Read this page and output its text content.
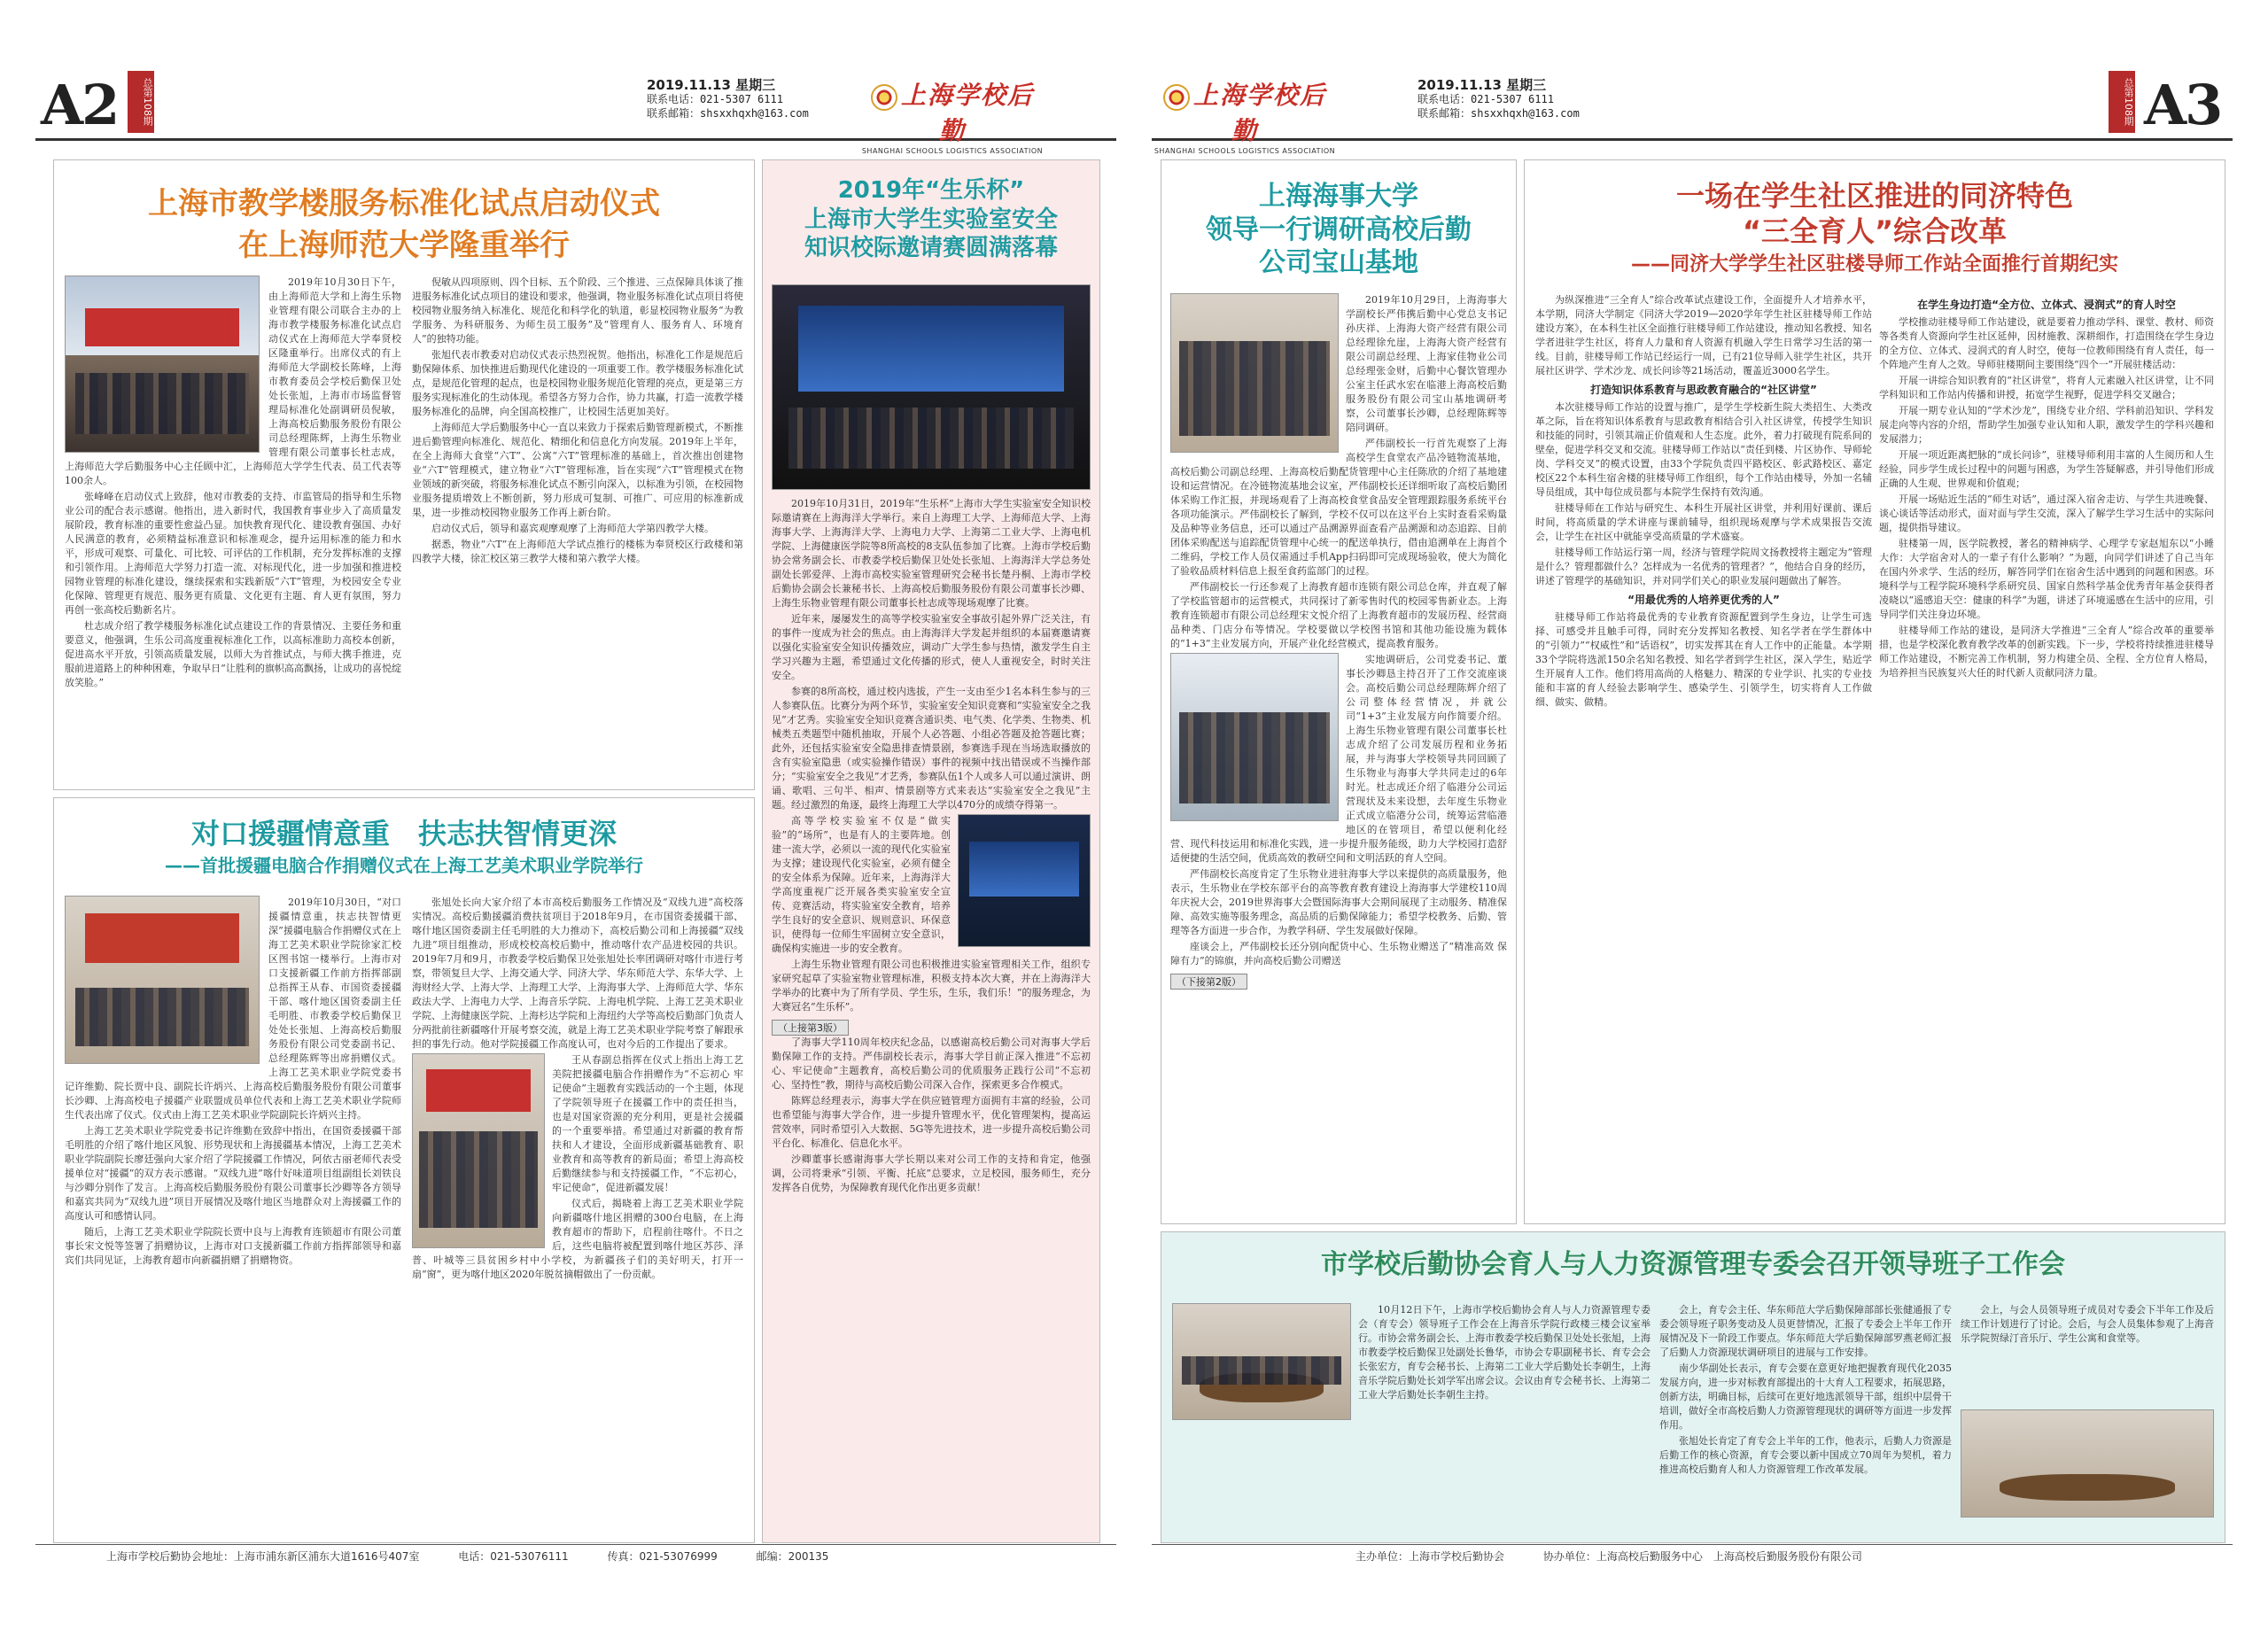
A2	总第108期	2019.11.13 星期三
联系电话：021-5307 6111
联系邮箱：shsxxhqxh@163.com
上海学校后勤
SHANGHAI SCHOOLS LOGISTICS ASSOCIATION
上海市教学楼服务标准化试点启动仪式
在上海师范大学隆重举行

2019年10月30日下午，由上海师范大学和上海生乐物业管理有限公司联合主办的上海市教学楼服务标准化试点启动仪式在上海师范大学奉贤校区隆重举行。出席仪式的有上海师范大学副校长陈峰，上海市教育委员会学校后勤保卫处处长张旭，上海市市场监督管理局标准化处副调研员倪敏，上海高校后勤服务股份有限公司总经理陈辉，上海生乐物业管理有限公司董事长杜志成，上海师范大学后勤服务中心主任顾中汇，上海师范大学学生代表、员工代表等100余人。

张峰峰在启动仪式上致辞，他对市教委的支持、市监管局的指导和生乐物业公司的配合表示感谢。他指出，进入新时代，我国教育事业步入了高质量发展阶段，教育标准的重要性愈益凸显。加快教育现代化、建设教育强国、办好人民满意的教育，必须精益标准意识和标准观念，提升运用标准的能力和水平，形成可观察、可量化、可比较、可评估的工作机制，充分发挥标准的支撑和引领作用。上海师范大学努力打造一流、对标现代化，进一步加强和推进校园物业管理的标准化建设，继续探索和实践新版“六T”管理，为校园安全专业化保障、管理更有规范、服务更有质量、文化更有主题、育人更有氛围，努力再创一张高校后勤新名片。

杜志成介绍了教学楼服务标准化试点建设工作的背景情况、主要任务和重要意义，他强调，生乐公司高度重视标准化工作，以高标准助力高校本创新，促进高水平开放，引领高质量发展，以师大为首推试点，与师大携手推进，克服前进道路上的种种困难，争取早日“让胜利的旗帜高高飘扬，让成功的喜悦绽放笑脸。”

倪敏从四项原则、四个目标、五个阶段、三个推进、三点保障具体谈了推进服务标准化试点项目的建设和要求，他强调，物业服务标准化试点项目将使校园物业服务纳入标准化、规范化和科学化的轨道，彰显校园物业服务“为教学服务、为科研服务、为师生员工服务”及“管理育人、服务育人、环境育人”的独特功能。

张旭代表市教委对启动仪式表示热烈祝贺。他指出，标准化工作是规范后勤保障体系、加快推进后勤现代化建设的一项重要工作。教学楼服务标准化试点，是规范化管理的起点，也是校园物业服务规范化管理的亮点，更是第三方服务实现标准化的生动体现。希望各方努力合作，协力共赢，打造一流教学楼服务标准化的品牌，向全国高校推广，让校园生活更加美好。

上海师范大学后勤服务中心一直以来致力于探索后勤管理新模式，不断推进后勤管理向标准化、规范化、精细化和信息化方向发展。2019年上半年，在全上海师大食堂“六T”、公寓“六T”管理标准的基础上，首次推出创建物业“六T”管理模式，建立物业“六T”管理标准，旨在实现“六T”管理模式在物业领域的新突破，将服务标准化试点不断引向深入，以标准为引领，在校园物业服务提质增效上不断创新，努力形成可复制、可推广、可应用的标准新成果，进一步推动校园物业服务工作再上新台阶。

启动仪式后，领导和嘉宾观摩观摩了上海师范大学第四教学大楼。

据悉，物业“六T”在上海师范大学试点推行的楼栋为奉贤校区行政楼和第四教学大楼，徐汇校区第三教学大楼和第六教学大楼。

2019年“生乐杯”
上海市大学生实验室安全
知识校际邀请赛圆满落幕

2019年10月31日，2019年“生乐杯”上海市大学生实验室安全知识校际邀请赛在上海海洋大学举行。来自上海理工大学、上海师范大学、上海海事大学、上海海洋大学、上海电力大学、上海第二工业大学、上海电机学院、上海健康医学院等8所高校的8支队伍参加了比赛。上海市学校后勤协会常务副会长、市教委学校后勤保卫处处长张旭、上海海洋大学总务处副处长郭爱萍、上海市高校实验室管理研究会秘书长楚丹桐、上海市学校后勤协会副会长兼秘书长、上海高校后勤服务股份有限公司董事长沙卿、上海生乐物业管理有限公司董事长杜志成等现场观摩了比赛。

近年来，屡屡发生的高等学校实验室安全事故引起外界广泛关注，有的事件一度成为社会的焦点。由上海海洋大学发起并组织的本届赛邀请赛以强化实验室安全知识传播效应，调动广大学生参与热情，激发学生自主学习兴趣为主题，希望通过文化传播的形式，使人人重视安全，时时关注安全。

参赛的8所高校，通过校内选拔，产生一支由至少1名本科生参与的三人参赛队伍。比赛分为两个环节，实验室安全知识竞赛和“实验室安全之我见”才艺秀。实验室安全知识竞赛含通识类、电气类、化学类、生物类、机械类五类题型中随机抽取，开展个人必答题、小组必答题及抢答题比赛；此外，还包括实验室安全隐患排查情景剧，参赛选手现在当场选取播放的含有实验室隐患（或实验操作错误）事件的视频中找出错误或不当操作部分；“实验室安全之我见”才艺秀，参赛队伍1个人或多人可以通过演讲、朗诵、歌唱、三句半、相声、情景剧等方式来表达“实验室安全之我见”主题。经过激烈的角逐，最终上海理工大学以470分的成绩夺得第一。

高等学校实验室不仅是“做实验”的“场所”，也是有人的主要阵地。创建一流大学，必须以一流的现代化实验室为支撑；建设现代化实验室，必须有健全的安全体系为保障。近年来，上海海洋大学高度重视广泛开展各类实验室安全宣传、竞赛活动，将实验室安全教育，培养学生良好的安全意识、规则意识、环保意识，使得每一位师生牢固树立安全意识，确保构实施进一步的安全教育。

上海生乐物业管理有限公司也积极推进实验室管理相关工作，组织专家研究起草了实验室物业管理标准，积极支持本次大赛，并在上海海洋大学举办的比赛中为了所有学员、学生乐，生乐，我们乐！”的服务理念，为大赛冠名“生乐杯”。

（上接第3版）

了海事大学110周年校庆纪念品，以感谢高校后勤公司对海事大学后勤保障工作的支持。严伟副校长表示，海事大学目前正深入推进“不忘初心、牢记使命”主题教育，高校后勤公司的优质服务正践行公司“不忘初心、坚持性”教，期待与高校后勤公司深入合作，探索更多合作模式。

陈辉总经理表示，海事大学在供应链管理方面拥有丰富的经验，公司也希望能与海事大学合作，进一步提升管理水平，优化管理架构，提高运营效率，同时希望引入大数据、5G等先进技术，进一步提升高校后勤公司平台化、标准化、信息化水平。

沙卿董事长感谢海事大学长期以来对公司工作的支持和肯定，他强调，公司将秉承“引领、平衡、托底”总要求，立足校园，服务师生，充分发挥各自优势，为保障教育现代化作出更多贡献！

对口援疆情意重　扶志扶智情更深
——首批援疆电脑合作捐赠仪式在上海工艺美术职业学院举行

2019年10月30日，“对口援疆情意重，扶志扶智情更深”援疆电脑合作捐赠仪式在上海工艺美术职业学院徐家汇校区图书馆一楼举行。上海市对口支援新疆工作前方指挥部副总指挥王从春、市国资委援疆干部、喀什地区国资委副主任毛明胜、市教委学校后勤保卫处处长张旭、上海高校后勤服务股份有限公司党委副书记、总经理陈辉等出席捐赠仪式。上海工艺美术职业学院党委书记许维勤、院长贾中良、副院长许炳兴、上海高校后勤服务股份有限公司董事长沙卿、上海高校电子援疆产业联盟成员单位代表和上海工艺美术职业学院师生代表出席了仪式。仪式由上海工艺美术职业学院副院长许炳兴主持。

上海工艺美术职业学院党委书记许维勤在致辞中指出，在国资委援疆干部毛明胜的介绍了喀什地区风貌、形势现状和上海援疆基本情况，上海工艺美术职业学院副院长廖廷强向大家介绍了学院援疆工作情况，阿依古丽老师代表受援单位对“援疆”的双方表示感谢。“双线九进”喀什好味道项目组副组长刘铁良与沙卿分别作了发言。上海高校后勤服务股份有限公司董事长沙卿等各方领导和嘉宾共同为“双线九进”项目开展情况及喀什地区当地群众对上海援疆工作的高度认可和感情认同。

随后，上海工艺美术职业学院院长贾中良与上海教育连锁超市有限公司董事长宋文悦等签署了捐赠协议，上海市对口支援新疆工作前方指挥部领导和嘉宾们共同见证，上海教育超市向新疆捐赠了捐赠物资。

张旭处长向大家介绍了本市高校后勤服务工作情况及“双线九进”高校落实情况。高校后勤援疆消费扶贫项目于2018年9月，在市国资委援疆干部、喀什地区国资委副主任毛明胜的大力推动下，高校后勤公司和上海援疆“双线九进”项目组推动，形成校校高校后勤中，推动喀什农产品进校园的共识。2019年7月和9月，市教委学校后勤保卫处张旭处长率团调研对喀什市进行考察，带领复旦大学、上海交通大学、同济大学、华东师范大学、东华大学、上海财经大学、上海大学、上海理工大学、上海海事大学、上海师范大学、华东政法大学、上海电力大学、上海音乐学院、上海电机学院、上海工艺美术职业学院、上海健康医学院、上海杉达学院和上海纽约大学等高校后勤部门负责人分两批前往新疆喀什开展考察交流，就是上海工艺美术职业学院考察了解跟承担的事先行动。他对学院援疆工作高度认可，也对今后的工作提出了要求。

王从春副总指挥在仪式上指出上海工艺美院把援疆电脑合作捐赠作为“不忘初心 牢记使命”主题教育实践活动的一个主题，体现了学院领导班子在援疆工作中的责任担当，也是对国家资源的充分利用，更是社会援疆的一个重要举措。希望通过对新疆的教育帮扶和人才建设，全面形成新疆基础教育、职业教育和高等教育的新局面；希望上海高校后勤继续参与和支持援疆工作，“不忘初心，牢记使命”，促进新疆发展！

仪式后，揭晓着上海工艺美术职业学院向新疆喀什地区捐赠的300台电脑，在上海教育超市的帮助下，启程前往喀什。不日之后，这些电脑将被配置到喀什地区苏莎、泽普、叶城等三县贫困乡村中小学校，为新疆孩子们的美好明天，打开一扇“窗”，更为喀什地区2020年脱贫摘帽做出了一份贡献。

上海市学校后勤协会地址：上海市浦东新区浦东大道1616号407室	电话：021-53076111	传真：021-53076999	邮编：200135
上海学校后勤
SHANGHAI SCHOOLS LOGISTICS ASSOCIATION
2019.11.13 星期三
联系电话：021-5307 6111
联系邮箱：shsxxhqxh@163.com	总第108期 A3
上海海事大学
领导一行调研高校后勤
公司宝山基地

2019年10月29日，上海海事大学副校长严伟携后勤中心党总支书记孙庆祥、上海海大资产经营有限公司总经理徐允崖，上海海大资产经营有限公司副总经理、上海家佳物业公司总经理张金财，后勤中心餐饮管理办公室主任武水宏在临港上海高校后勤服务股份有限公司宝山基地调研考察，公司董事长沙卿，总经理陈辉等陪同调研。

严伟副校长一行首先观察了上海高校学生食堂农产品冷链物流基地，高校后勤公司副总经理、上海高校后勤配货管理中心主任陈欣的介绍了基地建设和运营情况。在冷链物流基地会议室，严伟副校长还详细听取了高校后勤团体采购工作汇报，并现场观看了上海高校食堂食品安全管理跟踪服务系统平台各项功能演示。严伟副校长了解到，学校不仅可以在这平台上实时查看采购量及品种等业务信息，还可以通过产品溯源界面查看产品溯源和动态追踪、目前团体采购配送与追踪配货管理中心统一的配送单执行，借由追溯单在上海首个二维码，学校工作人员仅需通过手机App扫码即可完成现场验收，使大为简化了验收品质材料信息上报至食药监部门的过程。

严伟副校长一行还参观了上海教育超市连锁有限公司总仓库，并直观了解了学校监管超市的运营模式，共同探讨了新零售时代的校园零售新业态。上海教育连锁超市有限公司总经理宋文悦介绍了上海教育超市的发展历程、经营商品种类、门店分布等情况。学校要做以学校图书馆和其他功能设施为载体的“1+3”主业发展方向，开展产业化经营模式，提高教育服务。

实地调研后，公司党委书记、董事长沙卿恳主持召开了工作交流座谈会。高校后勤公司总经理陈辉介绍了公司整体经营情况，并就公司“1+3”主业发展方向作简要介绍。上海生乐物业管理有限公司董事长杜志成介绍了公司发展历程和业务拓展，并与海事大学校领导共同回顾了生乐物业与海事大学共同走过的6年时光。杜志成还介绍了临港分公司运营现状及未来设想，去年度生乐物业正式成立临港分公司，统筹运营临港地区的在管项目，希望以便利化经营、现代科技运用和标准化实践，进一步提升服务能级，助力大学校园打造舒适便捷的生活空间，优质高效的教研空间和文明活跃的育人空间。

严伟副校长高度肯定了生乐物业进驻海事大学以来提供的高质量服务，他表示，生乐物业在学校东部平台的高等教育教育建设上海海事大学建校110周年庆祝大会，2019世界海事大会暨国际海事大会期间展现了主动服务、精准保障、高效实施等服务理念，高品质的后勤保障能力；希望学校教务、后勤、管理等各方面进一步合作，为教学科研、学生发展做好保障。

座谈会上，严伟副校长还分别向配货中心、生乐物业赠送了“精准高效 保障有力”的锦旗，并向高校后勤公司赠送

（下接第2版）
一场在学生社区推进的同济特色
“三全育人”综合改革
——同济大学学生社区驻楼导师工作站全面推行首期纪实

为纵深推进“三全育人”综合改革试点建设工作，全面提升人才培养水平，本学期，同济大学制定《同济大学2019—2020学年学生社区驻楼导师工作站建设方案》，在本科生社区全面推行驻楼导师工作站建设，推动知名教授、知名学者进驻学生社区，将育人力量和育人资源有机融入学生日常学习生活的第一线。目前，驻楼导师工作站已经运行一周，已有21位导师入驻学生社区，共开展社区讲学、学术沙龙、成长问诊等21场活动，覆盖近3000名学生。

打造知识体系教育与思政教育融合的“社区讲堂”

本次驻楼导师工作站的设置与推广，是学生学校新生院大类招生、大类改革之际，旨在将知识体系教育与思政教育相结合引入社区讲堂，传授学生知识和技能的同时，引领其端正价值观和人生态度。此外，着力打破现有院系间的壁垒，促进学科交叉和交流。驻楼导师工作站以“责任到楼、片区协作、导师轮岗、学科交叉”的模式设置，由33个学院负责四平路校区、彰武路校区、嘉定校区22个本科生宿舍楼的驻楼导师工作组织，每个工作站由楼导，外加一名辅导员组成，其中每位成员都与本院学生保持有效沟通。

驻楼导师在工作站与研究生、本科生开展社区讲堂，并利用好课前、课后时间，将高质量的学术讲座与课前辅导，组织现场观摩与学术成果报告交流会，让学生在社区中就能享受高质量的学术盛宴。

驻楼导师工作站运行第一周，经济与管理学院周文扬教授将主题定为“管理是什么？管理都做什么？怎样成为一名优秀的管理者？”，他结合自身的经历，讲述了管理学的基础知识，并对同学们关心的职业发展问题做出了解答。

“用最优秀的人培养更优秀的人”

驻楼导师工作站将最优秀的专业教育资源配置到学生身边，让学生可选择、可感受并且触手可得，同时充分发挥知名教授、知名学者在学生群体中的“引领力”“权威性”和“话语权”，切实发挥其在育人工作中的正能量。本学期33个学院将选派150余名知名教授、知名学者到学生社区，深入学生，贴近学生开展育人工作。他们将用高尚的人格魅力、精深的专业学识、扎实的专业技能和丰富的育人经验去影响学生、感染学生、引领学生，切实将育人工作做细、做实、做精。

在学生身边打造“全方位、立体式、浸润式”的育人时空

学校推动驻楼导师工作站建设，就是要着力推动学科、课堂、教材、师资等各类育人资源向学生社区延伸，因材施教、深耕细作，打造围绕在学生身边的全方位、立体式、浸润式的育人时空，使每一位教师围绕有育人责任，每一个阵地产生育人之效。导师驻楼期间主要围绕“四个一”开展驻楼活动：

开展一讲综合知识教育的“社区讲堂”，将育人元素融入社区讲堂，让不同学科知识和工作站内传播和讲授，拓宽学生视野，促进学科交叉融合；

开展一期专业认知的“学术沙龙”，围绕专业介绍、学科前沿知识、学科发展走向等内容的介绍，帮助学生加强专业认知和人职，激发学生的学科兴趣和发展潜力；

开展一项近距离把脉的“成长问诊”，驻楼导师利用丰富的人生阅历和人生经验，同步学生成长过程中的问题与困惑，为学生答疑解惑，并引导他们形成正确的人生观、世界观和价值观；

开展一场贴近生活的“师生对话”，通过深入宿舍走访、与学生共进晚餐、谈心谈话等活动形式，面对面与学生交流，深入了解学生学习生活中的实际问题，提供指导建议。

驻楼第一周，医学院教授，著名的精神病学、心理学专家赵旭东以“小睡大作：大学宿舍对人的一辈子有什么影响？”为题，向同学们讲述了自己当年在国内外求学、生活的经历，解答同学们在宿舍生活中遇到的问题和困惑。环境科学与工程学院环境科学系研究员、国家自然科学基金优秀青年基金获得者凌晓以“遥感追天空：健康的科学”为题，讲述了环境遥感在生活中的应用，引导同学们关注身边环境。

驻楼导师工作站的建设，是同济大学推进“三全育人”综合改革的重要举措，也是学校深化教育教学改革的创新实践。下一步，学校将持续推进驻楼导师工作站建设，不断完善工作机制，努力构建全员、全程、全方位育人格局，为培养担当民族复兴大任的时代新人贡献同济力量。

市学校后勤协会育人与人力资源管理专委会召开领导班子工作会

10月12日下午，上海市学校后勤协会育人与人力资源管理专委会（育专会）领导班子工作会在上海音乐学院行政楼三楼会议室举行。市协会常务副会长、上海市教委学校后勤保卫处处长张旭，上海市教委学校后勤保卫处副处长鲁华，市协会专职副秘书长、育专会会长张宏方，育专会秘书长、上海第二工业大学后勤处长李朝生，上海音乐学院后勤处长刘学军出席会议。会议由育专会秘书长、上海第二工业大学后勤处长李朝生主持。

会上，育专会主任、华东师范大学后勤保障部部长张健通报了专委会领导班子职务变动及人员更替情况，汇报了专委会上半年工作开展情况及下一阶段工作要点。华东师范大学后勤保障部罗燕老师汇报了后勤人力资源现状调研项目的进展与工作安排。

南少华副处长表示，育专会要在意更好地把握教育现代化2035发展方向，进一步对标教育部提出的十大育人工程要求，拓展思路，创新方法，明确目标，后续可在更好地选派领导干部，组织中层骨干培训，做好全市高校后勤人力资源管理现状的调研等方面进一步发挥作用。

张旭处长肯定了育专会上半年的工作，他表示，后勤人力资源是后勤工作的核心资源，育专会要以新中国成立70周年为契机，着力推进高校后勤育人和人力资源管理工作改革发展。

会上，与会人员领导班子成员对专委会下半年工作及后续工作计划进行了讨论。会后，与会人员集体参观了上海音乐学院贺绿汀音乐厅、学生公寓和食堂等。

主办单位：上海市学校后勤协会	协办单位：上海高校后勤服务中心　上海高校后勤服务股份有限公司
